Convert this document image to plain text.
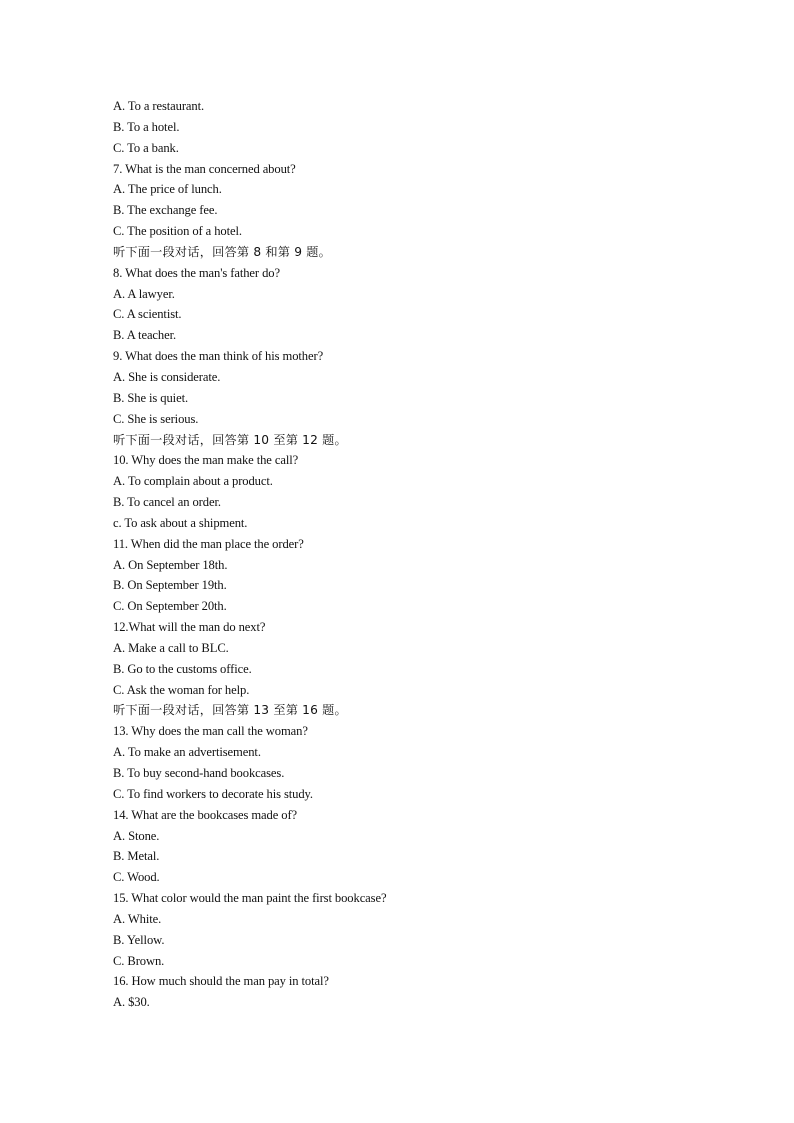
A. To a restaurant.
B. To a hotel.
C. To a bank.
7. What is the man concerned about?
A. The price of lunch.
B. The exchange fee.
C. The position of a hotel.
听下面一段对话，回答第 8 和第 9 题。
8. What does the man's father do?
A. A lawyer.
C. A scientist.
B. A teacher.
9. What does the man think of his mother?
A. She is considerate.
B. She is quiet.
C. She is serious.
听下面一段对话，回答第 10 至第 12 题。
10. Why does the man make the call?
A. To complain about a product.
B. To cancel an order.
c. To ask about a shipment.
11. When did the man place the order?
A. On September 18th.
B. On September 19th.
C. On September 20th.
12.What will the man do next?
A. Make a call to BLC.
B. Go to the customs office.
C. Ask the woman for help.
听下面一段对话，回答第 13 至第 16 题。
13. Why does the man call the woman?
A. To make an advertisement.
B. To buy second-hand bookcases.
C. To find workers to decorate his study.
14. What are the bookcases made of?
A. Stone.
B. Metal.
C. Wood.
15. What color would the man paint the first bookcase?
A. White.
B. Yellow.
C. Brown.
16. How much should the man pay in total?
A. $30.
